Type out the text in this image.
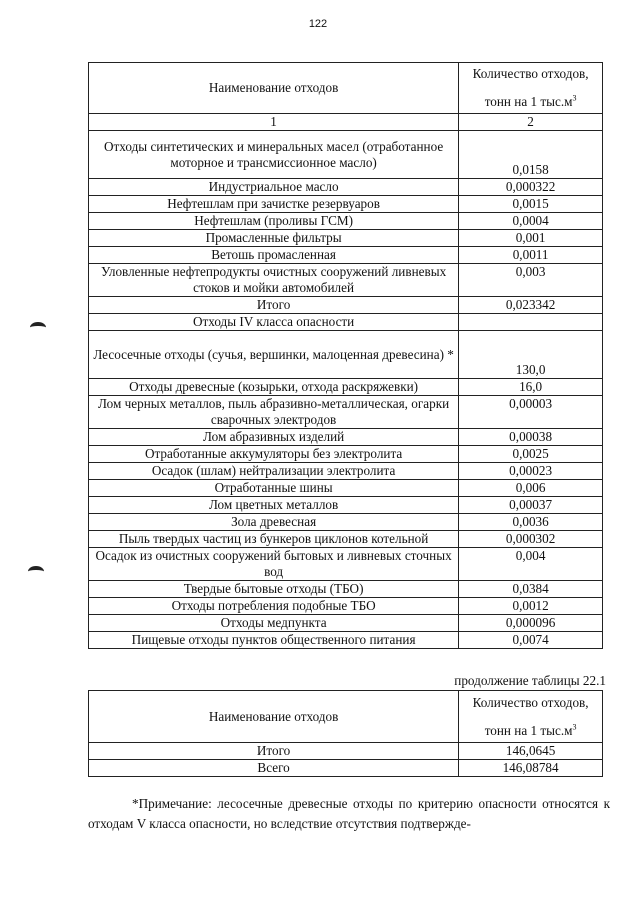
122
Наименование отходов	Количество отходов,
тонн на 1 $тыс.м^3$

1	2
Отходы синтетических и минеральных масел (отработанное моторное и трансмиссионное масло)	0,0158
Индустриальное масло	0,000322
Нефтешлам при зачистке резервуаров	0,0015
Нефтешлам (проливы ГСМ)	0,0004
Промасленные фильтры	0,001
Ветошь промасленная	0,0011
Уловленные нефтепродукты очистных сооружений ливневых стоков и мойки автомобилей	0,003
Итого	0,023342
Отходы IV класса опасности	
Лесосечные отходы (сучья, вершинки, малоценная древесина) *	130,0
Отходы древесные (козырьки, отхода раскряжевки)	16,0
Лом черных металлов, пыль абразивно-металлическая, огарки сварочных электродов	0,00003
Лом абразивных изделий	0,00038
Отработанные аккумуляторы без электролита	0,0025
Осадок (шлам) нейтрализации электролита	0,00023
Отработанные шины	0,006
Лом цветных металлов	0,00037
Зола древесная	0,0036
Пыль твердых частиц из бункеров циклонов котельной	0,000302
Осадок из очистных сооружений бытовых и ливневых сточных вод	0,004
Твердые бытовые отходы (ТБО)	0,0384
Отходы потребления подобные ТБО	0,0012
Отходы медпункта	0,000096
Пищевые отходы пунктов общественного питания	0,0074
продолжение таблицы 22.1
Наименование отходов	Количество отходов,
тонн на 1 $тыс.м^3$

Итого	146,0645
Всего	146,08784

*Примечание: лесосечные древесные отходы по критерию опасности относятся к отходам V класса опасности, но вследствие отсутствия подтвержде-
